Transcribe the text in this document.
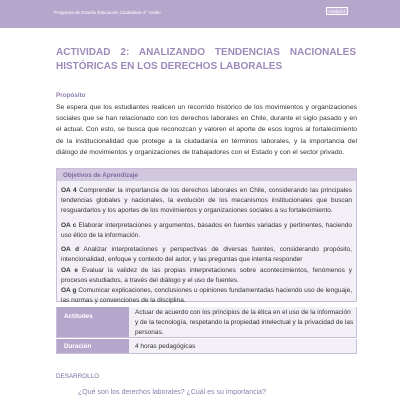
Programa de Estudio Educación Ciudadana 4° medio	Unidad 4
ACTIVIDAD 2: ANALIZANDO TENDENCIAS NACIONALES HISTÓRICAS EN LOS DERECHOS LABORALES
Propósito

Se espera que los estudiantes realicen un recorrido histórico de los movimientos y organizaciones sociales que se han relacionado con los derechos laborales en Chile, durante el siglo pasado y en el actual. Con esto, se busca que reconozcan y valoren el aporte de esos logros al fortalecimiento de la institucionalidad que protege a la ciudadanía en términos laborales, y la importancia del diálogo de movimientos y organizaciones de trabajadores con el Estado y con el sector privado.

Objetivos de Aprendizaje

OA 4 Comprender la importancia de los derechos laborales en Chile, considerando las principales tendencias globales y nacionales, la evolución de los mecanismos institucionales que buscan resguardarlos y los aportes de los movimientos y organizaciones sociales a su fortalecimiento.

OA c Elaborar interpretaciones y argumentos, basados en fuentes variadas y pertinentes, haciendo uso ético de la información.

OA d Analizar interpretaciones y perspectivas de diversas fuentes, considerando propósito, intencionalidad, enfoque y contexto del autor, y las preguntas que intenta responder

OA e Evaluar la validez de las propias interpretaciones sobre acontecimientos, fenómenos y procesos estudiados, a través del diálogo y el uso de fuentes.

OA g Comunicar explicaciones, conclusiones u opiniones fundamentadas haciendo uso de lenguaje, las normas y convenciones de la disciplina.

Actitudes

Actuar de acuerdo con los principios de la ética en el uso de la información y de la tecnología, respetando la propiedad intelectual y la privacidad de las personas.

Duración	4 horas pedagógicas

DESARROLLO
¿Qué son los derechos laborales? ¿Cuál es su importancia?
